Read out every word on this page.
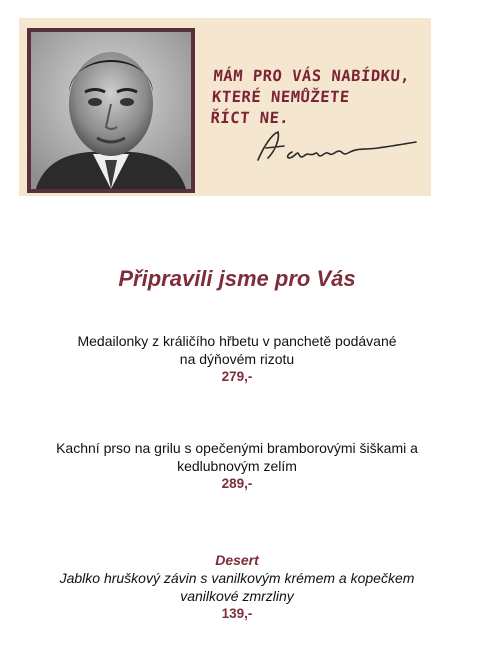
MÁM PRO VÁS NABÍDKU,
KTERÉ NEMŮŽETE
ŘÍCT NE.
Připravili jsme pro Vás
Medailonky z králičího hřbetu v panchetě podávané
na dýňovém rizotu
279,-
Kachní prso na grilu s opečenými bramborovými šiškami a
kedlubnovým zelím
289,-
Desert
Jablko hruškový závin s vanilkovým krémem a kopečkem
vanilkové zmrzliny
139,-
